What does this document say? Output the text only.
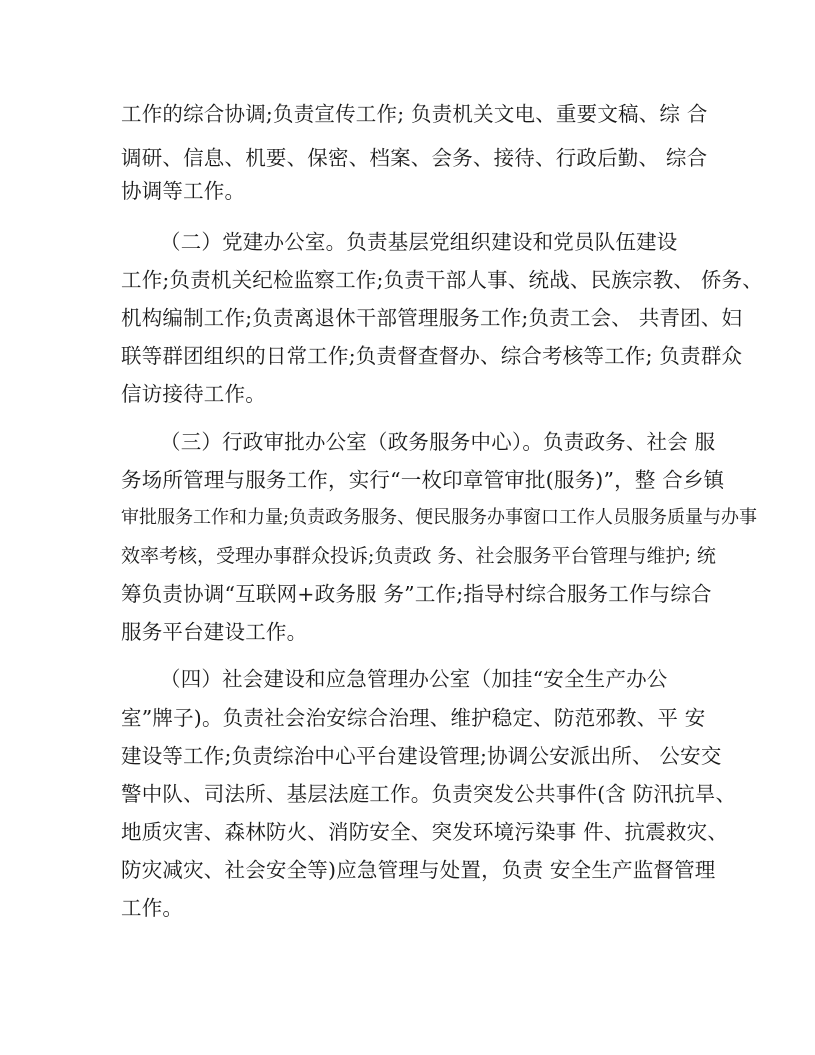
工作的综合协调;负责宣传工作; 负责机关文电、重要文稿、综 合
调研、信息、机要、保密、档案、会务、接待、行政后勤、 综合
协调等工作。
（二）党建办公室。负责基层党组织建设和党员队伍建设
工作;负责机关纪检监察工作;负责干部人事、统战、民族宗教、 侨务、
机构编制工作;负责离退休干部管理服务工作;负责工会、 共青团、妇
联等群团组织的日常工作;负责督查督办、综合考核等工作; 负责群众
信访接待工作。
（三）行政审批办公室（政务服务中心）。负责政务、社会 服
务场所管理与服务工作，实行“一枚印章管审批(服务)”，整 合乡镇
审批服务工作和力量;负责政务服务、便民服务办事窗口工作人员服务质量与办事
效率考核，受理办事群众投诉;负责政 务、社会服务平台管理与维护; 统
筹负责协调“互联网+政务服 务”工作;指导村综合服务工作与综合
服务平台建设工作。
（四）社会建设和应急管理办公室（加挂“安全生产办公
室”牌子)。负责社会治安综合治理、维护稳定、防范邪教、平 安
建设等工作;负责综治中心平台建设管理;协调公安派出所、 公安交
警中队、司法所、基层法庭工作。负责突发公共事件(含 防汛抗旱、
地质灾害、森林防火、消防安全、突发环境污染事 件、抗震救灾、
防灾减灾、社会安全等)应急管理与处置，负责 安全生产监督管理
工作。
